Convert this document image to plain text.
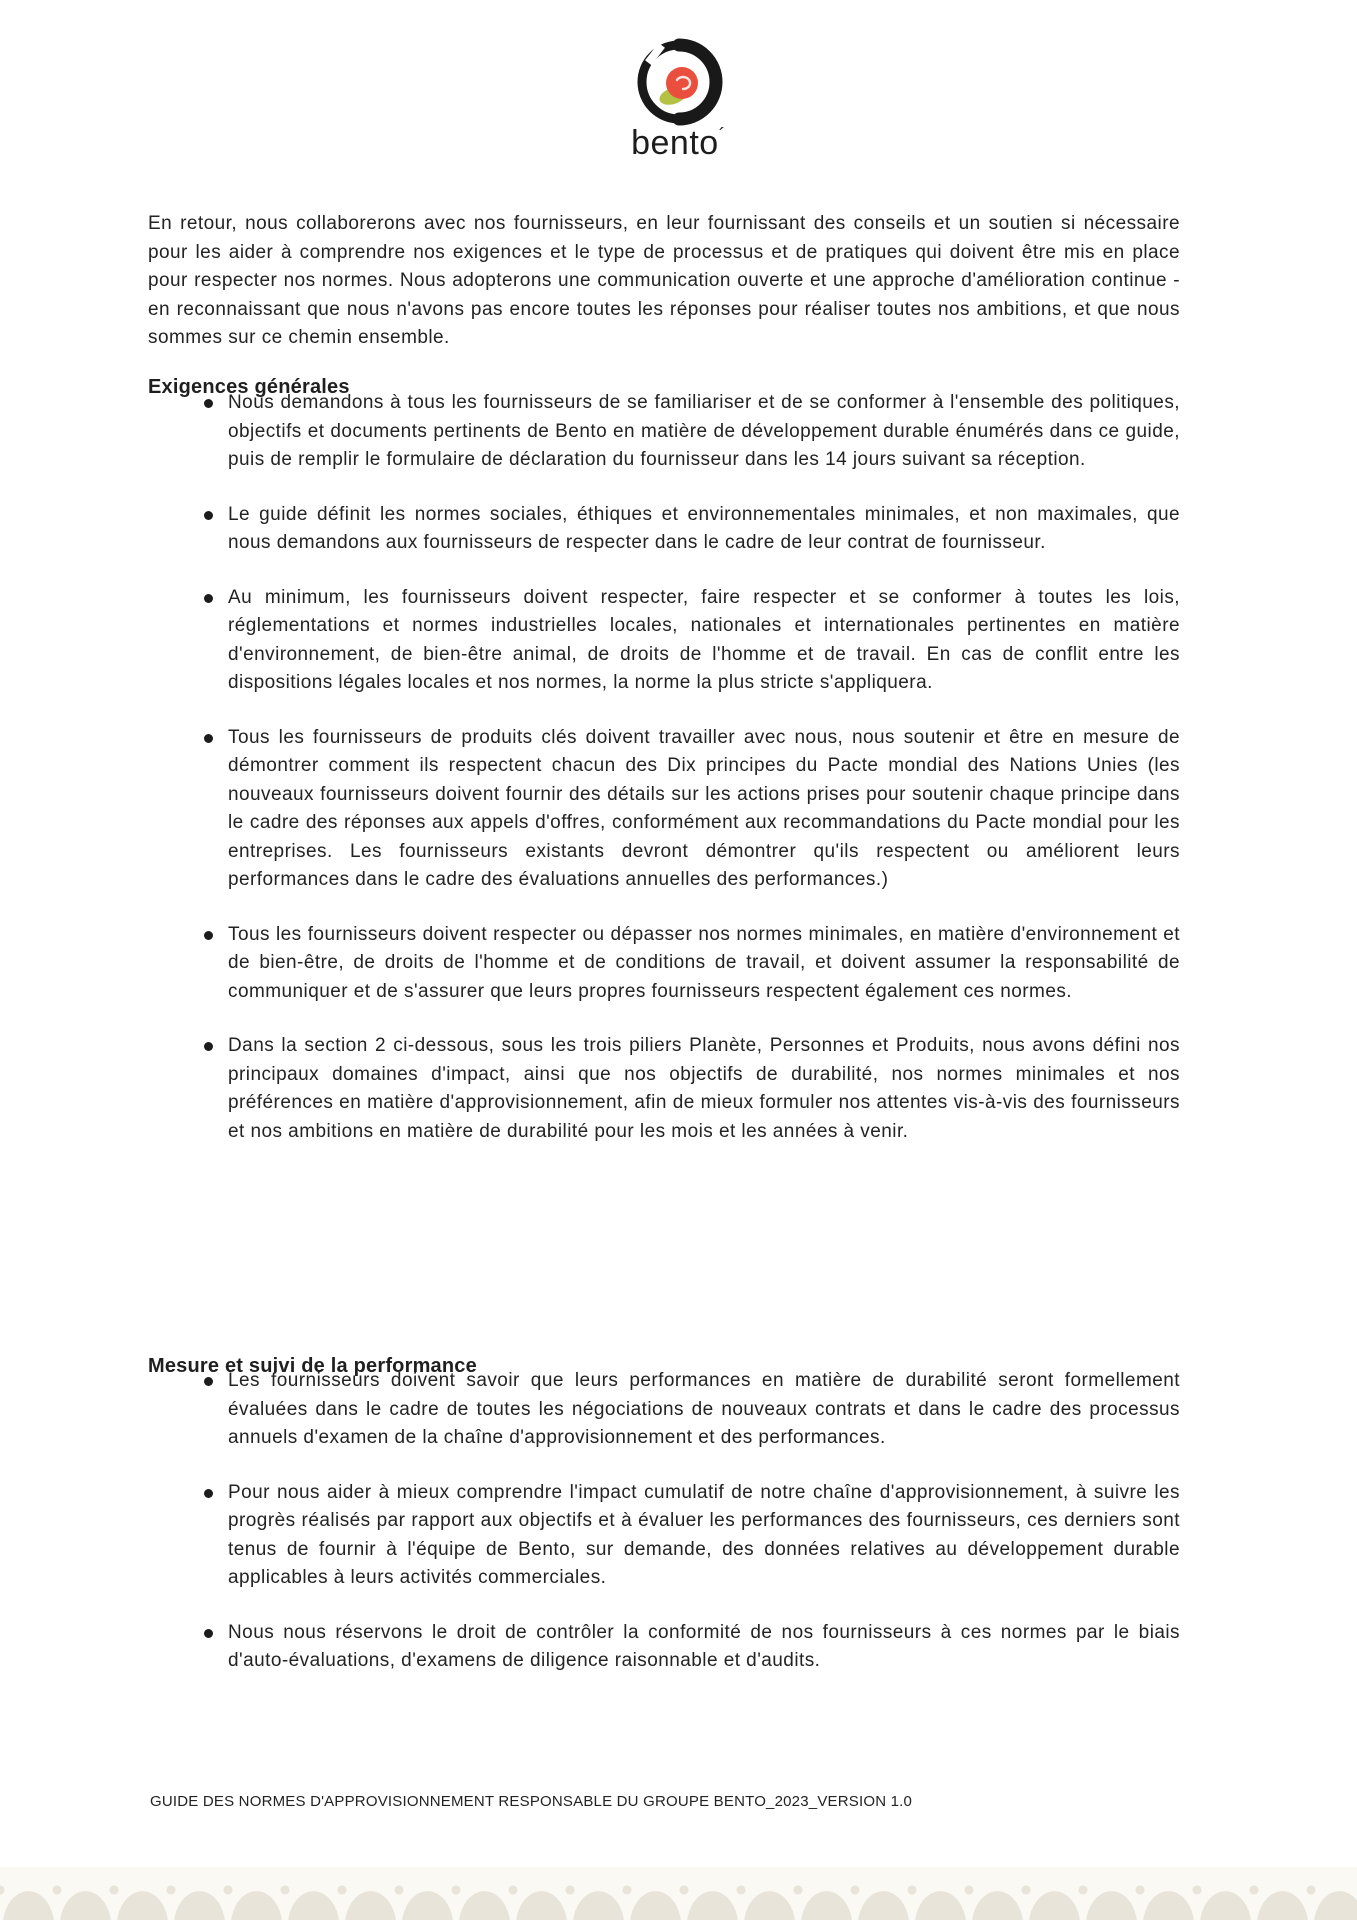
bento´

En retour, nous collaborerons avec nos fournisseurs, en leur fournissant des conseils et un soutien si nécessaire pour les aider à comprendre nos exigences et le type de processus et de pratiques qui doivent être mis en place pour respecter nos normes. Nous adopterons une communication ouverte et une approche d'amélioration continue - en reconnaissant que nous n'avons pas encore toutes les réponses pour réaliser toutes nos ambitions, et que nous sommes sur ce chemin ensemble.

Exigences générales
Nous demandons à tous les fournisseurs de se familiariser et de se conformer à l'ensemble des politiques, objectifs et documents pertinents de Bento en matière de développement durable énumérés dans ce guide, puis de remplir le formulaire de déclaration du fournisseur dans les 14 jours suivant sa réception.
Le guide définit les normes sociales, éthiques et environnementales minimales, et non maximales, que nous demandons aux fournisseurs de respecter dans le cadre de leur contrat de fournisseur.
Au minimum, les fournisseurs doivent respecter, faire respecter et se conformer à toutes les lois, réglementations et normes industrielles locales, nationales et internationales pertinentes en matière d'environnement, de bien-être animal, de droits de l'homme et de travail. En cas de conflit entre les dispositions légales locales et nos normes, la norme la plus stricte s'appliquera.
Tous les fournisseurs de produits clés doivent travailler avec nous, nous soutenir et être en mesure de démontrer comment ils respectent chacun des Dix principes du Pacte mondial des Nations Unies (les nouveaux fournisseurs doivent fournir des détails sur les actions prises pour soutenir chaque principe dans le cadre des réponses aux appels d'offres, conformément aux recommandations du Pacte mondial pour les entreprises. Les fournisseurs existants devront démontrer qu'ils respectent ou améliorent leurs performances dans le cadre des évaluations annuelles des performances.)
Tous les fournisseurs doivent respecter ou dépasser nos normes minimales, en matière d'environnement et de bien-être, de droits de l'homme et de conditions de travail, et doivent assumer la responsabilité de communiquer et de s'assurer que leurs propres fournisseurs respectent également ces normes.
Dans la section 2 ci-dessous, sous les trois piliers Planète, Personnes et Produits, nous avons défini nos principaux domaines d'impact, ainsi que nos objectifs de durabilité, nos normes minimales et nos préférences en matière d'approvisionnement, afin de mieux formuler nos attentes vis-à-vis des fournisseurs et nos ambitions en matière de durabilité pour les mois et les années à venir.
Mesure et suivi de la performance
Les fournisseurs doivent savoir que leurs performances en matière de durabilité seront formellement évaluées dans le cadre de toutes les négociations de nouveaux contrats et dans le cadre des processus annuels d'examen de la chaîne d'approvisionnement et des performances.
Pour nous aider à mieux comprendre l'impact cumulatif de notre chaîne d'approvisionnement, à suivre les progrès réalisés par rapport aux objectifs et à évaluer les performances des fournisseurs, ces derniers sont tenus de fournir à l'équipe de Bento, sur demande, des données relatives au développement durable applicables à leurs activités commerciales.
Nous nous réservons le droit de contrôler la conformité de nos fournisseurs à ces normes par le biais d'auto-évaluations, d'examens de diligence raisonnable et d'audits.
GUIDE DES NORMES D'APPROVISIONNEMENT RESPONSABLE DU GROUPE BENTO_2023_VERSION 1.0
